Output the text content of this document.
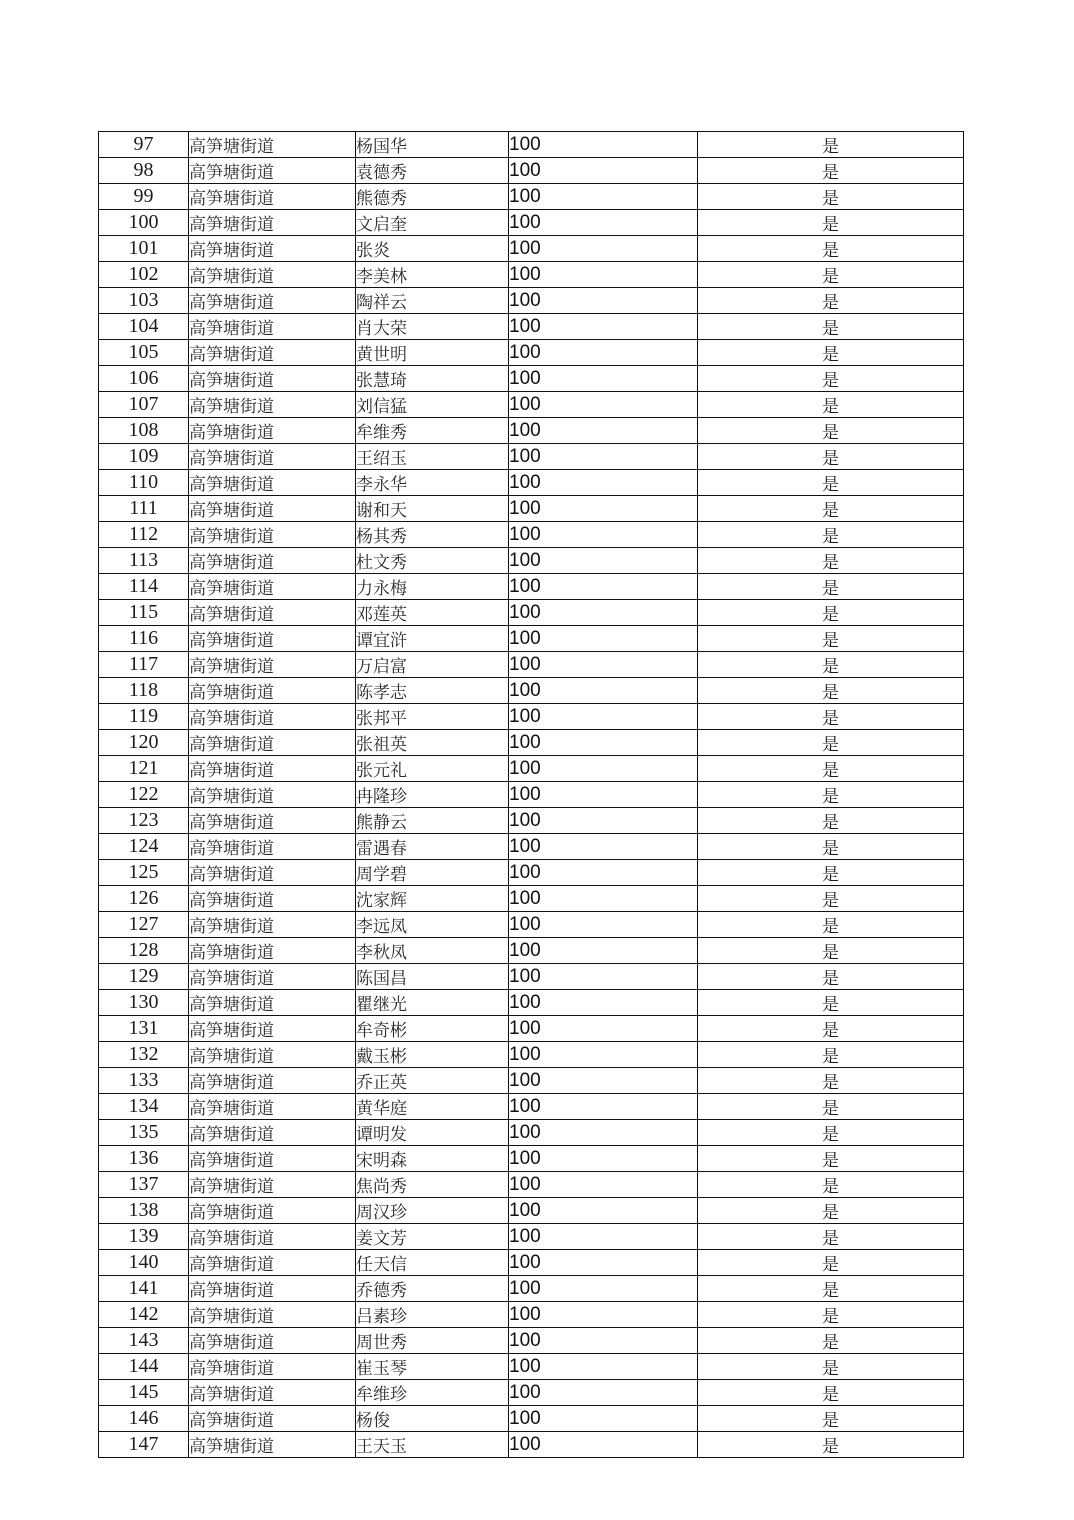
97	高笋塘街道	杨国华	100	是
98	高笋塘街道	袁德秀	100	是
99	高笋塘街道	熊德秀	100	是
100	高笋塘街道	文启奎	100	是
101	高笋塘街道	张炎	100	是
102	高笋塘街道	李美林	100	是
103	高笋塘街道	陶祥云	100	是
104	高笋塘街道	肖大荣	100	是
105	高笋塘街道	黄世明	100	是
106	高笋塘街道	张慧琦	100	是
107	高笋塘街道	刘信猛	100	是
108	高笋塘街道	牟维秀	100	是
109	高笋塘街道	王绍玉	100	是
110	高笋塘街道	李永华	100	是
111	高笋塘街道	谢和天	100	是
112	高笋塘街道	杨其秀	100	是
113	高笋塘街道	杜文秀	100	是
114	高笋塘街道	力永梅	100	是
115	高笋塘街道	邓莲英	100	是
116	高笋塘街道	谭宜浒	100	是
117	高笋塘街道	万启富	100	是
118	高笋塘街道	陈孝志	100	是
119	高笋塘街道	张邦平	100	是
120	高笋塘街道	张祖英	100	是
121	高笋塘街道	张元礼	100	是
122	高笋塘街道	冉隆珍	100	是
123	高笋塘街道	熊静云	100	是
124	高笋塘街道	雷遇春	100	是
125	高笋塘街道	周学碧	100	是
126	高笋塘街道	沈家辉	100	是
127	高笋塘街道	李远凤	100	是
128	高笋塘街道	李秋凤	100	是
129	高笋塘街道	陈国昌	100	是
130	高笋塘街道	瞿继光	100	是
131	高笋塘街道	牟奇彬	100	是
132	高笋塘街道	戴玉彬	100	是
133	高笋塘街道	乔正英	100	是
134	高笋塘街道	黄华庭	100	是
135	高笋塘街道	谭明发	100	是
136	高笋塘街道	宋明森	100	是
137	高笋塘街道	焦尚秀	100	是
138	高笋塘街道	周汉珍	100	是
139	高笋塘街道	姜文芳	100	是
140	高笋塘街道	任天信	100	是
141	高笋塘街道	乔德秀	100	是
142	高笋塘街道	吕素珍	100	是
143	高笋塘街道	周世秀	100	是
144	高笋塘街道	崔玉琴	100	是
145	高笋塘街道	牟维珍	100	是
146	高笋塘街道	杨俊	100	是
147	高笋塘街道	王天玉	100	是
